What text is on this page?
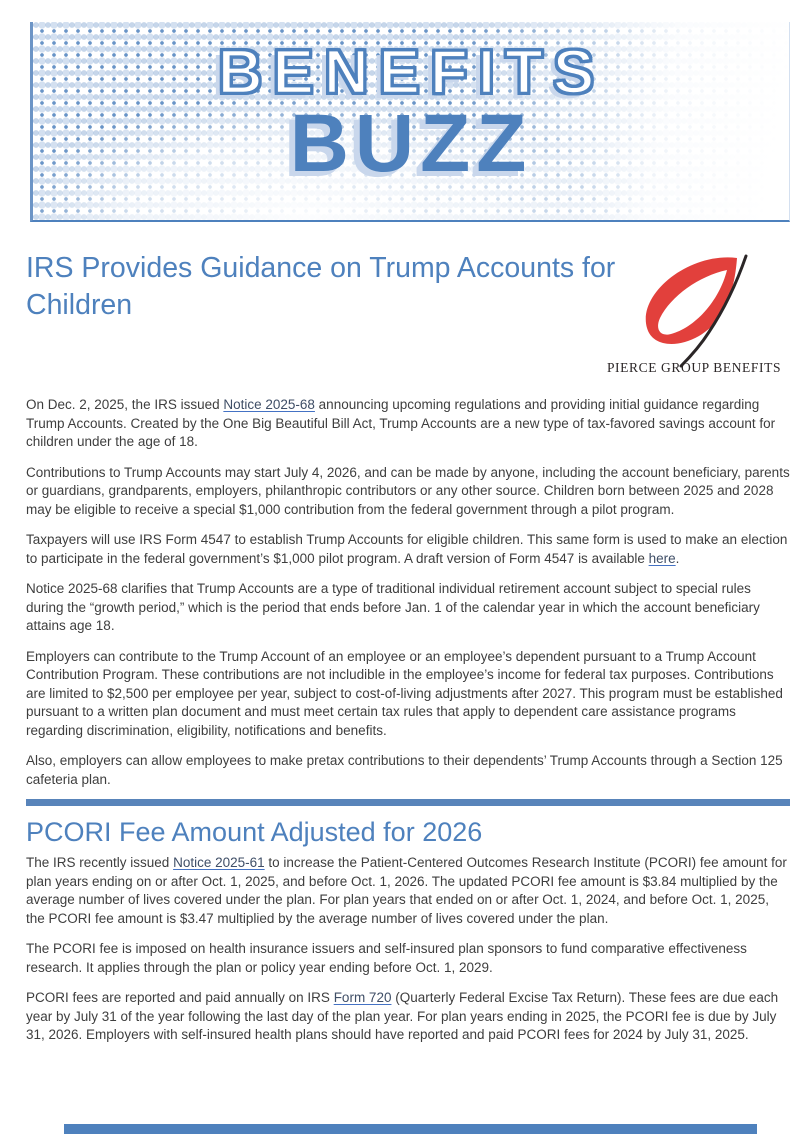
BENEFITS
BUZZ
IRS Provides Guidance on Trump Accounts for Children
PIERCE GROUP BENEFITS

On Dec. 2, 2025, the IRS issued Notice 2025-68 announcing upcoming regulations and providing initial guidance regarding Trump Accounts. Created by the One Big Beautiful Bill Act, Trump Accounts are a new type of tax-favored savings account for children under the age of 18.

Contributions to Trump Accounts may start July 4, 2026, and can be made by anyone, including the account beneficiary, parents or guardians, grandparents, employers, philanthropic contributors or any other source. Children born between 2025 and 2028 may be eligible to receive a special $1,000 contribution from the federal government through a pilot program.

Taxpayers will use IRS Form 4547 to establish Trump Accounts for eligible children. This same form is used to make an election to participate in the federal government’s $1,000 pilot program. A draft version of Form 4547 is available here.

Notice 2025-68 clarifies that Trump Accounts are a type of traditional individual retirement account subject to special rules during the “growth period,” which is the period that ends before Jan. 1 of the calendar year in which the account beneficiary attains age 18.

Employers can contribute to the Trump Account of an employee or an employee’s dependent pursuant to a Trump Account Contribution Program. These contributions are not includible in the employee’s income for federal tax purposes. Contributions are limited to $2,500 per employee per year, subject to cost-of-living adjustments after 2027. This program must be established pursuant to a written plan document and must meet certain tax rules that apply to dependent care assistance programs regarding discrimination, eligibility, notifications and benefits.

Also, employers can allow employees to make pretax contributions to their dependents’ Trump Accounts through a Section 125 cafeteria plan.

PCORI Fee Amount Adjusted for 2026

The IRS recently issued Notice 2025-61 to increase the Patient-Centered Outcomes Research Institute (PCORI) fee amount for plan years ending on or after Oct. 1, 2025, and before Oct. 1, 2026. The updated PCORI fee amount is $3.84 multiplied by the average number of lives covered under the plan. For plan years that ended on or after Oct. 1, 2024, and before Oct. 1, 2025, the PCORI fee amount is $3.47 multiplied by the average number of lives covered under the plan.

The PCORI fee is imposed on health insurance issuers and self-insured plan sponsors to fund comparative effectiveness research. It applies through the plan or policy year ending before Oct. 1, 2029.

PCORI fees are reported and paid annually on IRS Form 720 (Quarterly Federal Excise Tax Return). These fees are due each year by July 31 of the year following the last day of the plan year. For plan years ending in 2025, the PCORI fee is due by July 31, 2026. Employers with self-insured health plans should have reported and paid PCORI fees for 2024 by July 31, 2025.
